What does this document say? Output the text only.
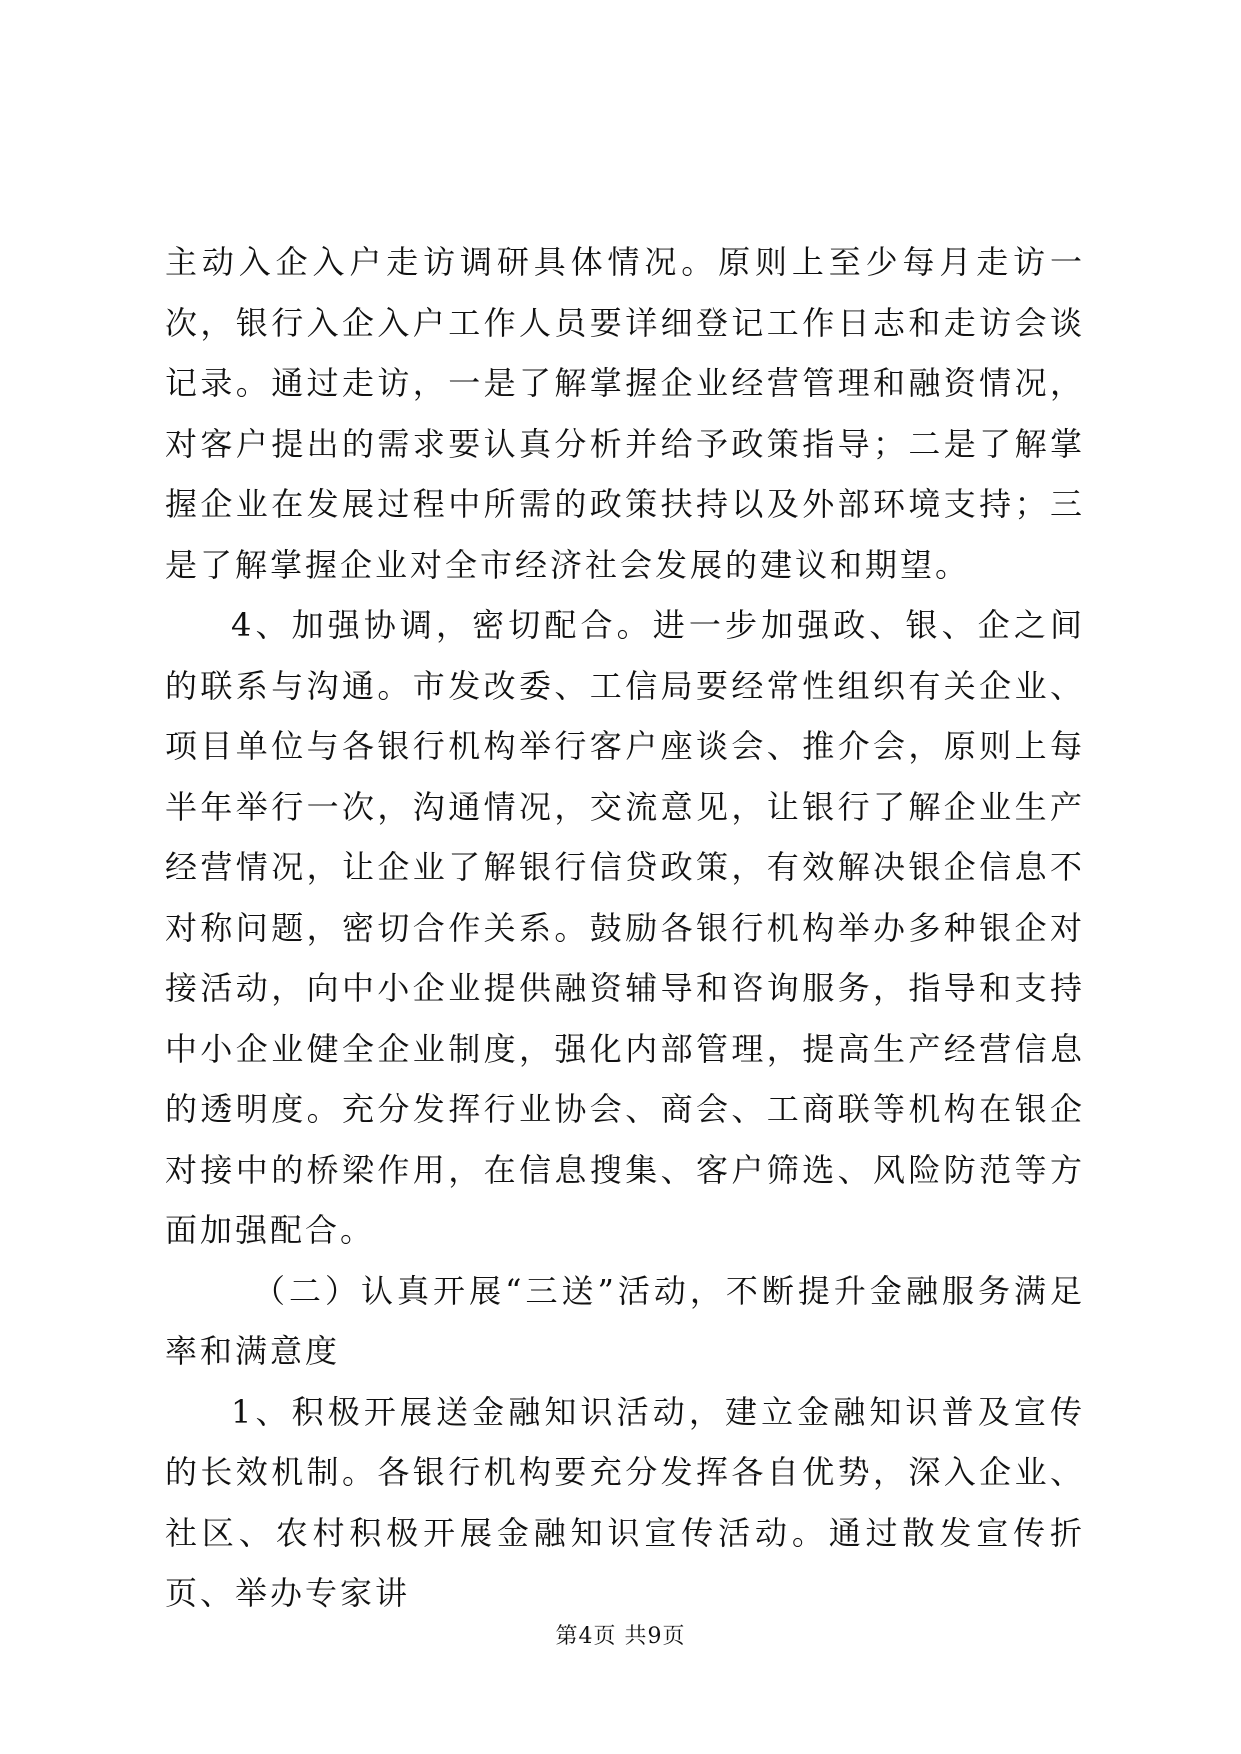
主动入企入户走访调研具体情况。原则上至少每月走访一次，银行入企入户工作人员要详细登记工作日志和走访会谈记录。通过走访，一是了解掌握企业经营管理和融资情况，对客户提出的需求要认真分析并给予政策指导；二是了解掌握企业在发展过程中所需的政策扶持以及外部环境支持；三是了解掌握企业对全市经济社会发展的建议和期望。

4、加强协调，密切配合。进一步加强政、银、企之间的联系与沟通。市发改委、工信局要经常性组织有关企业、项目单位与各银行机构举行客户座谈会、推介会，原则上每半年举行一次，沟通情况，交流意见，让银行了解企业生产经营情况，让企业了解银行信贷政策，有效解决银企信息不对称问题，密切合作关系。鼓励各银行机构举办多种银企对接活动，向中小企业提供融资辅导和咨询服务，指导和支持中小企业健全企业制度，强化内部管理，提高生产经营信息的透明度。充分发挥行业协会、商会、工商联等机构在银企对接中的桥梁作用，在信息搜集、客户筛选、风险防范等方面加强配合。

（二）认真开展“三送”活动，不断提升金融服务满足率和满意度

1、积极开展送金融知识活动，建立金融知识普及宣传的长效机制。各银行机构要充分发挥各自优势，深入企业、社区、农村积极开展金融知识宣传活动。通过散发宣传折页、举办专家讲

第4页 共9页
